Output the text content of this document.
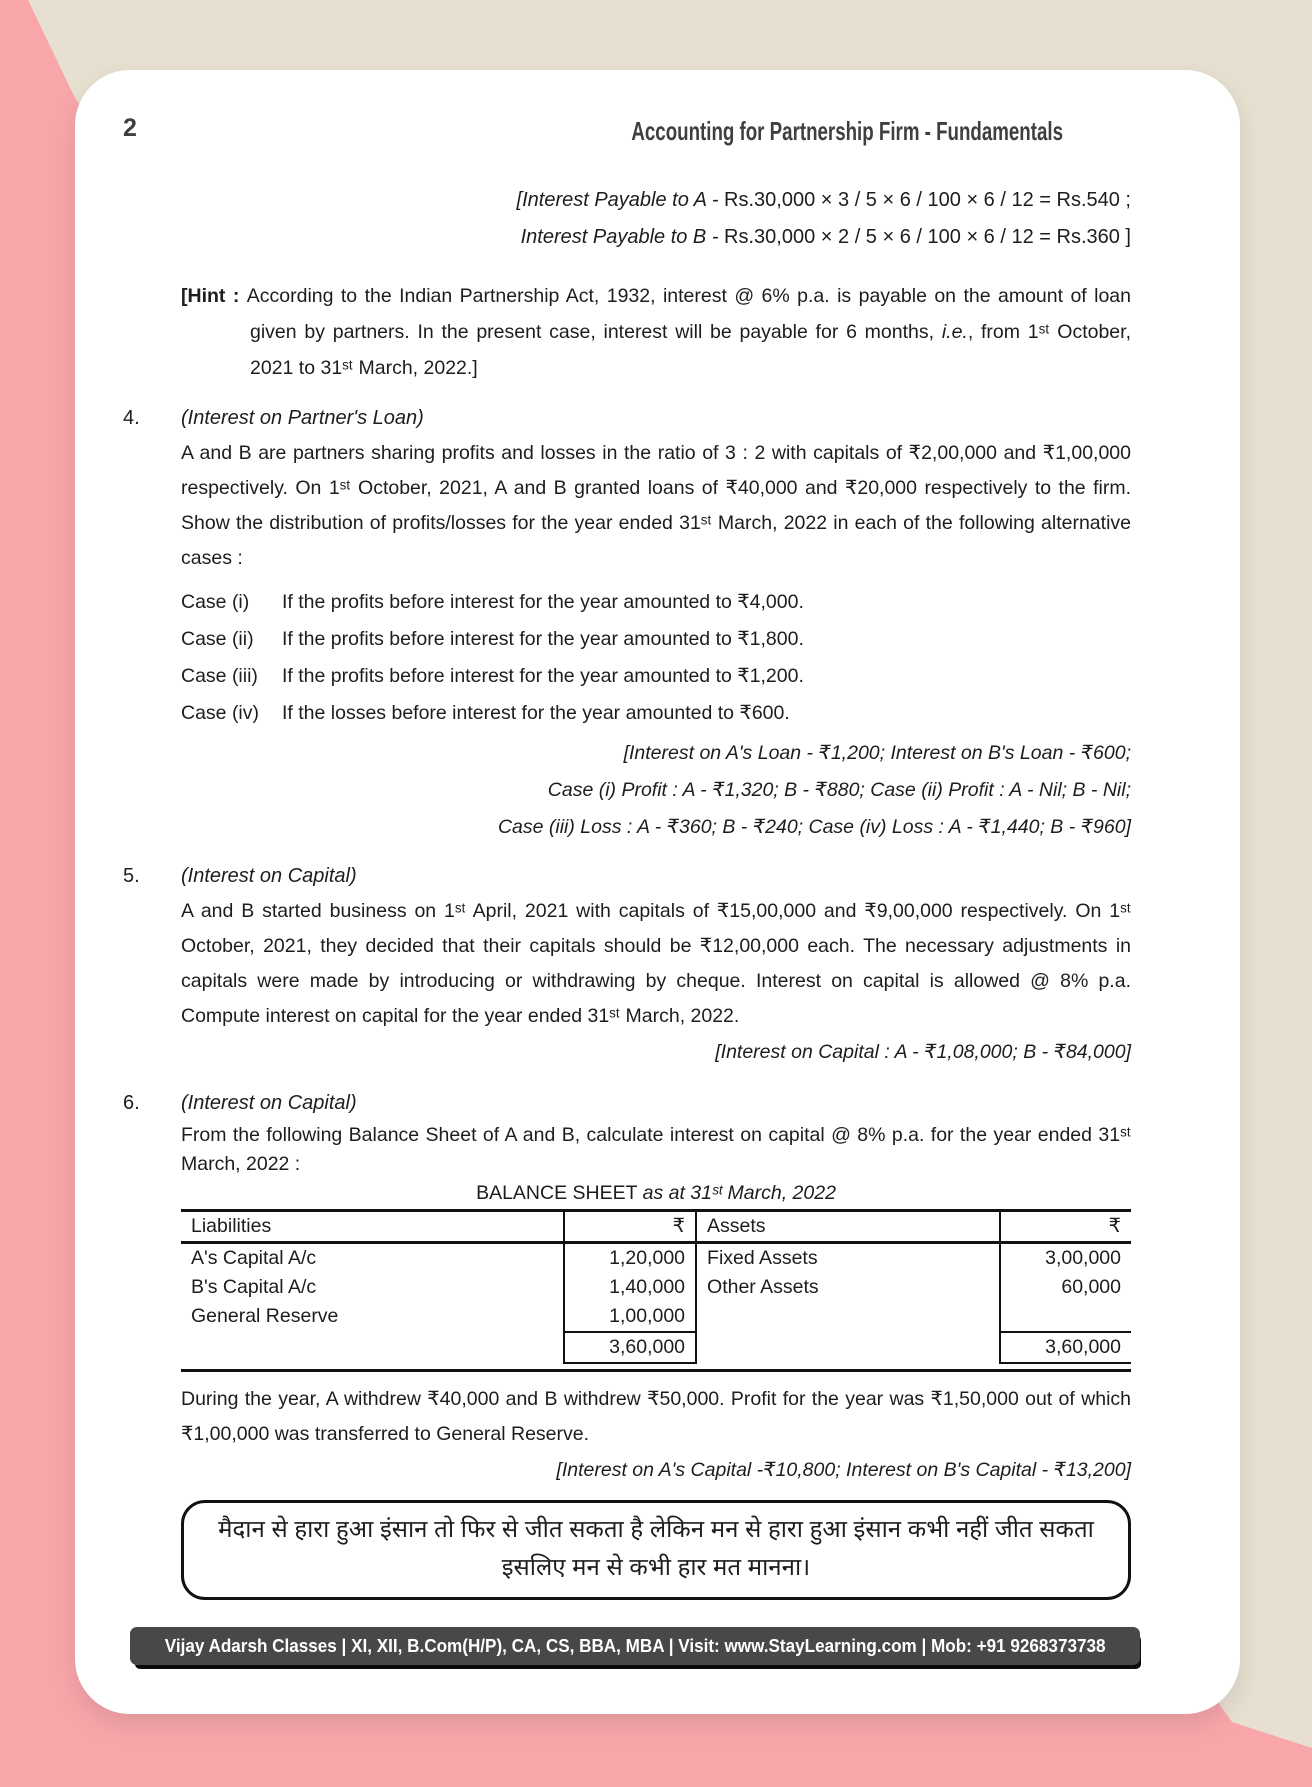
2	Accounting for Partnership Firm - Fundamentals
[Interest Payable to A - Rs.30,000 × 3 / 5 × 6 / 100 × 6 / 12 = Rs.540 ;
Interest Payable to B - Rs.30,000 × 2 / 5 × 6 / 100 × 6 / 12 = Rs.360 ]
[Hint : According to the Indian Partnership Act, 1932, interest @ 6% p.a. is payable on the amount of loan given by partners. In the present case, interest will be payable for 6 months, i.e., from 1ˢᵗ October, 2021 to 31ˢᵗ March, 2022.]
4.	(Interest on Partner's Loan)
A and B are partners sharing profits and losses in the ratio of 3 : 2 with capitals of ₹2,00,000 and ₹1,00,000 respectively. On 1ˢᵗ October, 2021, A and B granted loans of ₹40,000 and ₹20,000 respectively to the firm. Show the distribution of profits/losses for the year ended 31ˢᵗ March, 2022 in each of the following alternative cases :
Case (i)	If the profits before interest for the year amounted to ₹4,000.
Case (ii)	If the profits before interest for the year amounted to ₹1,800.
Case (iii)	If the profits before interest for the year amounted to ₹1,200.
Case (iv)	If the losses before interest for the year amounted to ₹600.
[Interest on A's Loan - ₹1,200; Interest on B's Loan - ₹600;
Case (i) Profit : A - ₹1,320; B - ₹880; Case (ii) Profit : A - Nil; B - Nil;
Case (iii) Loss : A - ₹360; B - ₹240; Case (iv) Loss : A - ₹1,440; B - ₹960]
5.	(Interest on Capital)
A and B started business on 1ˢᵗ April, 2021 with capitals of ₹15,00,000 and ₹9,00,000 respectively. On 1ˢᵗ October, 2021, they decided that their capitals should be ₹12,00,000 each. The necessary adjustments in capitals were made by introducing or withdrawing by cheque. Interest on capital is allowed @ 8% p.a. Compute interest on capital for the year ended 31ˢᵗ March, 2022.
[Interest on Capital : A - ₹1,08,000; B - ₹84,000]
6.	(Interest on Capital)
From the following Balance Sheet of A and B, calculate interest on capital @ 8% p.a. for the year ended 31ˢᵗ March, 2022 :
BALANCE SHEET as at 31ˢᵗ March, 2022
Liabilities	₹	Assets	₹
A's Capital A/c	1,20,000	Fixed Assets	3,00,000
B's Capital A/c	1,40,000	Other Assets	60,000
General Reserve	1,00,000		
	3,60,000		3,60,000
During the year, A withdrew ₹40,000 and B withdrew ₹50,000. Profit for the year was ₹1,50,000 out of which ₹1,00,000 was transferred to General Reserve.
[Interest on A's Capital -₹10,800; Interest on B's Capital - ₹13,200]
मैदान से हारा हुआ इंसान तो फिर से जीत सकता है लेकिन मन से हारा हुआ इंसान कभी नहीं जीत सकता
इसलिए मन से कभी हार मत मानना।
Vijay Adarsh Classes | XI, XII, B.Com(H/P), CA, CS, BBA, MBA | Visit: www.StayLearning.com | Mob: +91 9268373738
